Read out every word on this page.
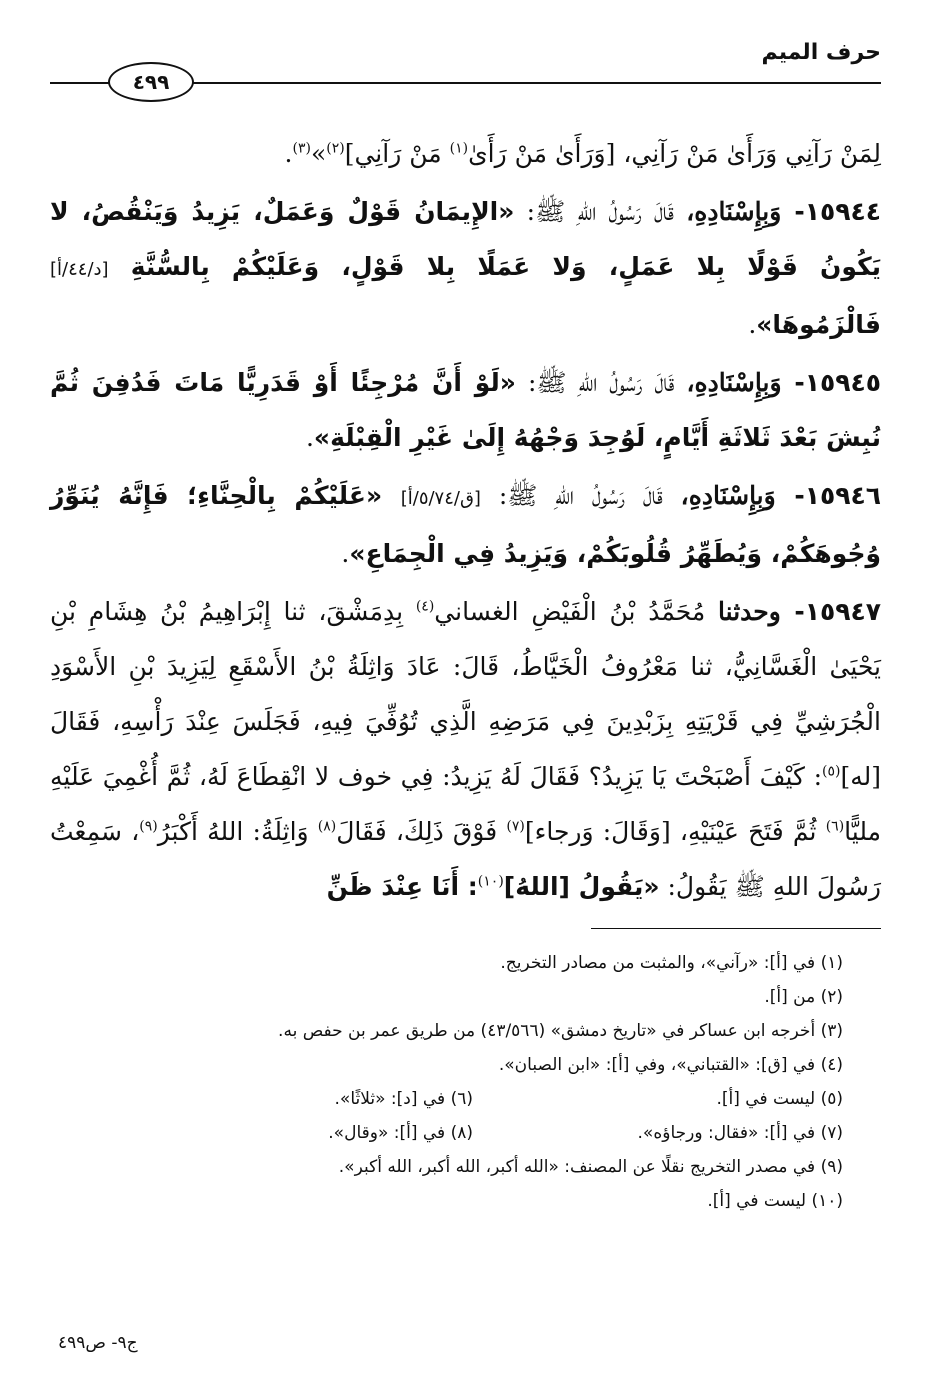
حرف الميم
٤٩٩

لِمَنْ رَآنِي وَرَأَىٰ مَنْ رَآنِي، [وَرَأَىٰ مَنْ رَأَىٰ$^{(١)}$ مَنْ رَآنِي]$^{(٢)}$»$^{(٣)}$.

١٥٩٤٤- وَبِإِسْنَادِهِ، قَالَ رَسُولُ اللهِ ﷺ: «الإِيمَانُ قَوْلٌ وَعَمَلٌ، يَزِيدُ وَيَنْقُصُ، لا يَكُونُ قَوْلًا بِلا عَمَلٍ، وَلا عَمَلًا بِلا قَوْلٍ، وَعَلَيْكُمْ بِالسُّنَّةِ [د/٤٤/أ] فَالْزَمُوهَا».

١٥٩٤٥- وَبِإِسْنَادِهِ، قَالَ رَسُولُ اللهِ ﷺ: «لَوْ أَنَّ مُرْجِئًا أَوْ قَدَرِيًّا مَاتَ فَدُفِنَ ثُمَّ نُبِشَ بَعْدَ ثَلاثَةِ أَيَّامٍ، لَوُجِدَ وَجْهُهُ إِلَىٰ غَيْرِ الْقِبْلَةِ».

١٥٩٤٦- وَبِإِسْنَادِهِ، قَالَ رَسُولُ اللهِ ﷺ: [ق/٥/٧٤/أ] «عَلَيْكُمْ بِالْحِنَّاءِ؛ فَإِنَّهُ يُنَوِّرُ وُجُوهَكُمْ، وَيُطَهِّرُ قُلُوبَكُمْ، وَيَزِيدُ فِي الْجِمَاعِ».

١٥٩٤٧- وحدثنا مُحَمَّدُ بْنُ الْفَيْضِ الغساني$^{(٤)}$ بِدِمَشْقَ، ثنا إِبْرَاهِيمُ بْنُ هِشَامِ بْنِ يَحْيَىٰ الْغَسَّانِيُّ، ثنا مَعْرُوفُ الْخَيَّاطُ، قَالَ: عَادَ وَاثِلَةُ بْنُ الأَسْقَعِ لِيَزِيدَ بْنِ الأَسْوَدِ الْجُرَشِيِّ فِي قَرْيَتِهِ بِزَبْدِينَ فِي مَرَضِهِ الَّذِي تُوُفِّيَ فِيهِ، فَجَلَسَ عِنْدَ رَأْسِهِ، فَقَالَ [له]$^{(٥)}$: كَيْفَ أَصْبَحْتَ يَا يَزِيدُ؟ فَقَالَ لَهُ يَزِيدُ: فِي خوف لا انْقِطَاعَ لَهُ، ثُمَّ أُغْمِيَ عَلَيْهِ مليًّا$^{(٦)}$ ثُمَّ فَتَحَ عَيْنَيْهِ، [وَقَالَ: وَرجاء]$^{(٧)}$ فَوْقَ ذَلِكَ، فَقَالَ$^{(٨)}$ وَاثِلَةُ: اللهُ أَكْبَرُ$^{(٩)}$، سَمِعْتُ رَسُولَ اللهِ ﷺ يَقُولُ: «يَقُولُ [اللهُ]$^{(١٠)}$: أَنَا عِنْدَ ظَنِّ

(١) في [أ]: «رآني»، والمثبت من مصادر التخريج.
(٢) من [أ].
(٣) أخرجه ابن عساكر في «تاريخ دمشق» (٤٣/٥٦٦) من طريق عمر بن حفص به.
(٤) في [ق]: «القتباني»، وفي [أ]: «ابن الصبان».
(٥) ليست في [أ].
(٦) في [د]: «ثلاثًا».
(٧) في [أ]: «فقال: ورجاؤه».
(٨) في [أ]: «وقال».
(٩) في مصدر التخريج نقلًا عن المصنف: «الله أكبر، الله أكبر، الله أكبر».
(١٠) ليست في [أ].
ج٩- ص٤٩٩
